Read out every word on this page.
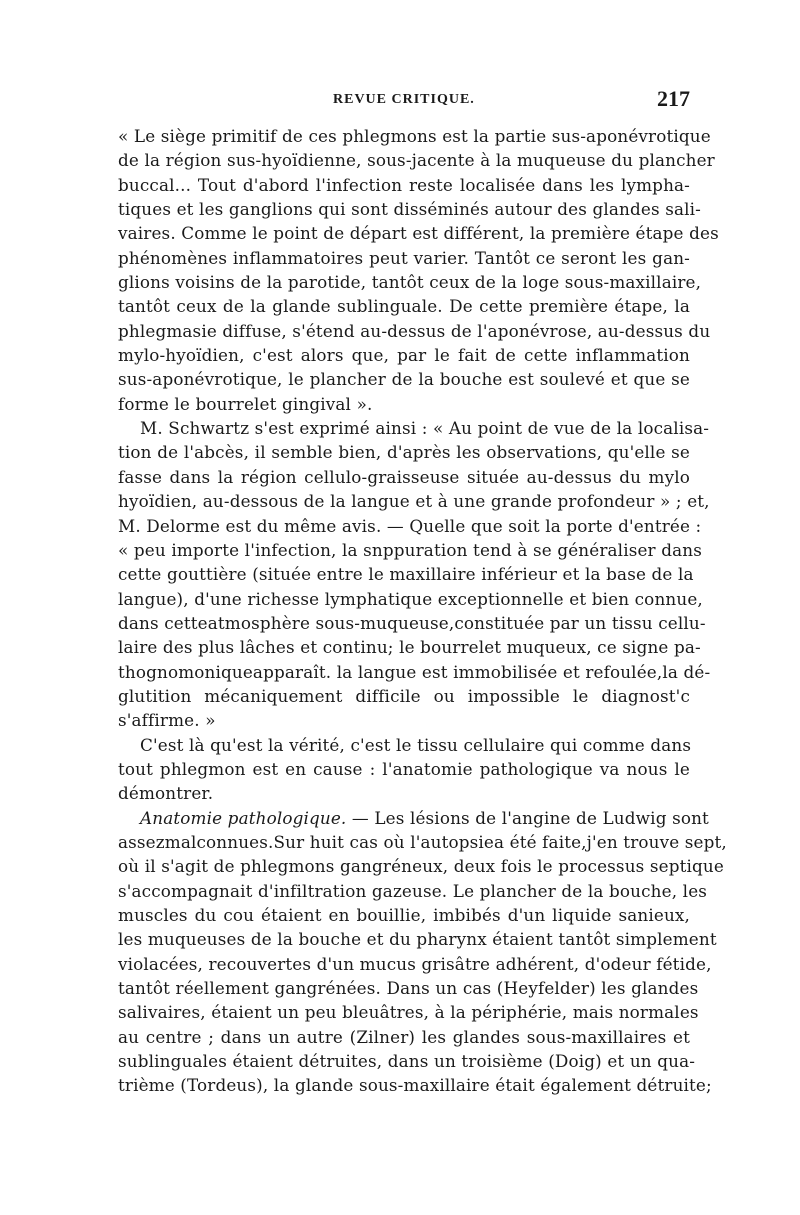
REVUE CRITIQUE.	217
« Le siège primitif de ces phlegmons est la partie sus-aponévrotique
de la région sus-hyoïdienne, sous-jacente à la muqueuse du plancher
buccal... Tout d'abord l'infection reste localisée dans les lympha-
tiques et les ganglions qui sont disséminés autour des glandes sali-
vaires. Comme le point de départ est différent, la première étape des
phénomènes inflammatoires peut varier. Tantôt ce seront les gan-
glions voisins de la parotide, tantôt ceux de la loge sous-maxillaire,
tantôt ceux de la glande sublinguale. De cette première étape, la
phlegmasie diffuse, s'étend au-dessus de l'aponévrose, au-dessus du
mylo-hyoïdien, c'est alors que, par le fait de cette inflammation
sus-aponévrotique, le plancher de la bouche est soulevé et que se
forme le bourrelet gingival ».
M. Schwartz s'est exprimé ainsi : « Au point de vue de la localisa-
tion de l'abcès, il semble bien, d'après les observations, qu'elle se
fasse dans la région cellulo-graisseuse située au-dessus du mylo
hyoïdien, au-dessous de la langue et à une grande profondeur » ; et,
M. Delorme est du même avis. — Quelle que soit la porte d'entrée :
« peu importe l'infection, la snppuration tend à se généraliser dans
cette gouttière (située entre le maxillaire inférieur et la base de la
langue), d'une richesse lymphatique exceptionnelle et bien connue,
dans cetteatmosphère sous-muqueuse,constituée par un tissu cellu-
laire des plus lâches et continu; le bourrelet muqueux, ce signe pa-
thognomoniqueapparaît. la langue est immobilisée et refoulée,la dé-
glutition mécaniquement difficile ou impossible le diagnost'c
s'affirme. »
C'est là qu'est la vérité, c'est le tissu cellulaire qui comme dans
tout phlegmon est en cause : l'anatomie pathologique va nous le
démontrer.
Anatomie pathologique. — Les lésions de l'angine de Ludwig sont
assezmalconnues.Sur huit cas où l'autopsiea été faite,j'en trouve sept,
où il s'agit de phlegmons gangréneux, deux fois le processus septique
s'accompagnait d'infiltration gazeuse. Le plancher de la bouche, les
muscles du cou étaient en bouillie, imbibés d'un liquide sanieux,
les muqueuses de la bouche et du pharynx étaient tantôt simplement
violacées, recouvertes d'un mucus grisâtre adhérent, d'odeur fétide,
tantôt réellement gangrénées. Dans un cas (Heyfelder) les glandes
salivaires, étaient un peu bleuâtres, à la périphérie, mais normales
au centre ; dans un autre (Zilner) les glandes sous-maxillaires et
sublinguales étaient détruites, dans un troisième (Doig) et un qua-
trième (Tordeus), la glande sous-maxillaire était également détruite;
